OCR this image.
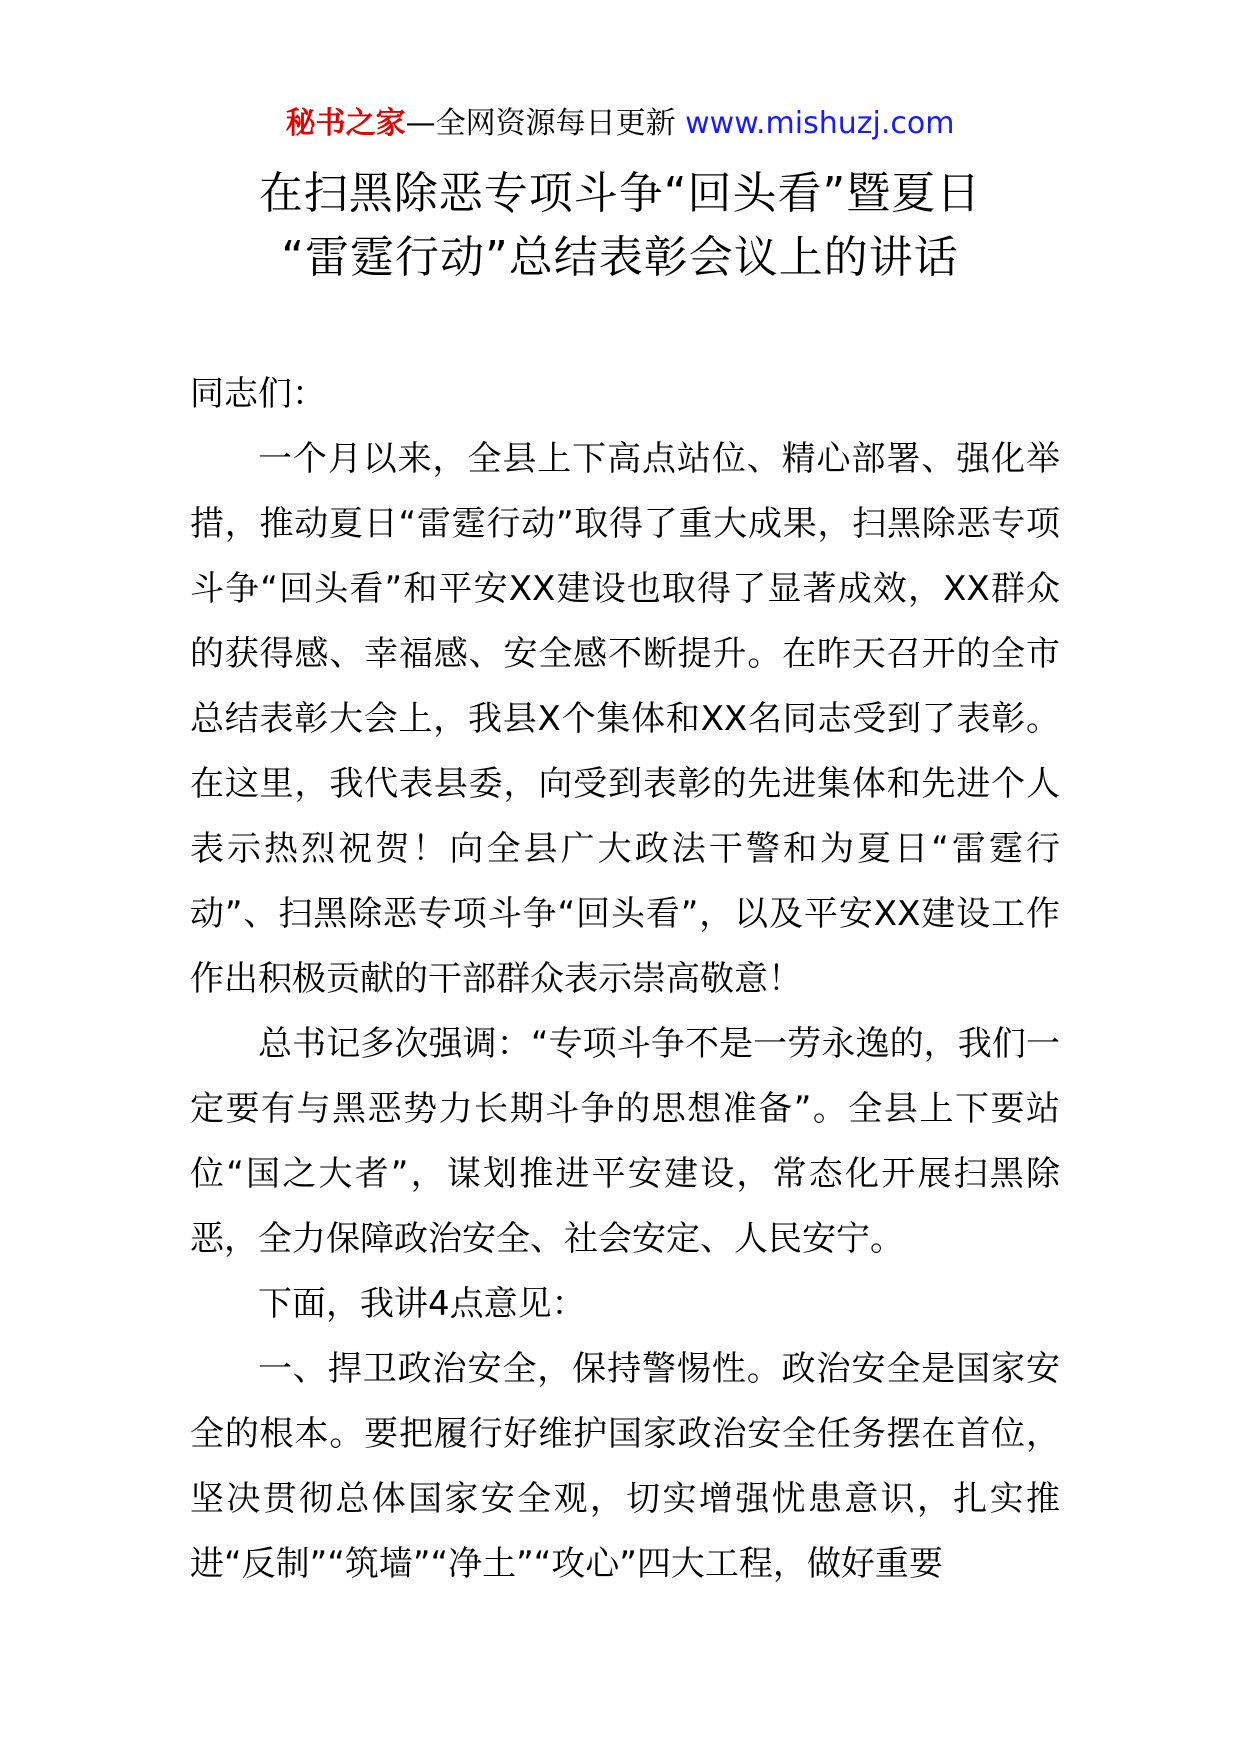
秘书之家—全网资源每日更新 www.mishuzj.com
在扫黑除恶专项斗争“回头看”暨夏日
“雷霆行动”总结表彰会议上的讲话

同志们：

一个月以来，全县上下高点站位、精心部署、强化举措，推动夏日“雷霆行动”取得了重大成果，扫黑除恶专项斗争“回头看”和平安XX建设也取得了显著成效，XX群众的获得感、幸福感、安全感不断提升。在昨天召开的全市总结表彰大会上，我县X个集体和XX名同志受到了表彰。在这里，我代表县委，向受到表彰的先进集体和先进个人表示热烈祝贺！向全县广大政法干警和为夏日“雷霆行动”、扫黑除恶专项斗争“回头看”，以及平安XX建设工作作出积极贡献的干部群众表示崇高敬意！

总书记多次强调：“专项斗争不是一劳永逸的，我们一定要有与黑恶势力长期斗争的思想准备”。全县上下要站位“国之大者”，谋划推进平安建设，常态化开展扫黑除恶，全力保障政治安全、社会安定、人民安宁。

下面，我讲4点意见：

一、捍卫政治安全，保持警惕性。政治安全是国家安全的根本。要把履行好维护国家政治安全任务摆在首位，坚决贯彻总体国家安全观，切实增强忧患意识，扎实推进“反制”“筑墙”“净土”“攻心”四大工程，做好重要
